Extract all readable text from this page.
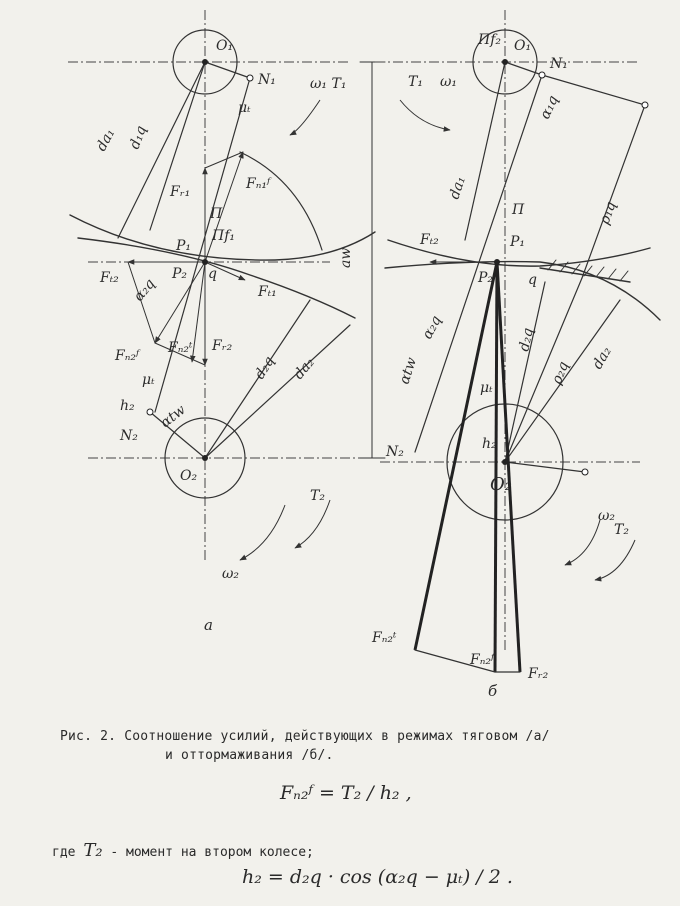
O₁
N₁ ω₁ T₁
μₜ
da₁ d₁q
Fᵣ₁	Fₙ₁ᶠ
П
Пf₁
P₁
Fₜ₂	P₂ q
Fₜ₁
α₂q
aw
Fₙ₂ᶠ Fₙ₂ᵗ
μₜ
Fᵣ₂
d₂q da₂
h₂ αtw
N₂
O₂
T₂
ω₂
a
Пf₂ O₁
N₁
T₁ ω₁
α₁q
da₁
ρ₁q
П
P₁
Fₜ₂
P₂ q
α₂q	d₂q
ρ₂q
da₂
αtw
μₜ
h₂
N₂
O₂
ω₂
T₂
Fₙ₂ᵗ
Fₙ₂ᶠ
Fᵣ₂
б
Рис. 2. Соотношение усилий, действующих в режимах тяговом /а/
и оттормаживания /б/.
Fₙ₂ᶠ = T₂ / h₂ ,
где T₂ - момент на втором колесе;
h₂ = d₂q · cos (α₂q − μₜ) / 2 .
